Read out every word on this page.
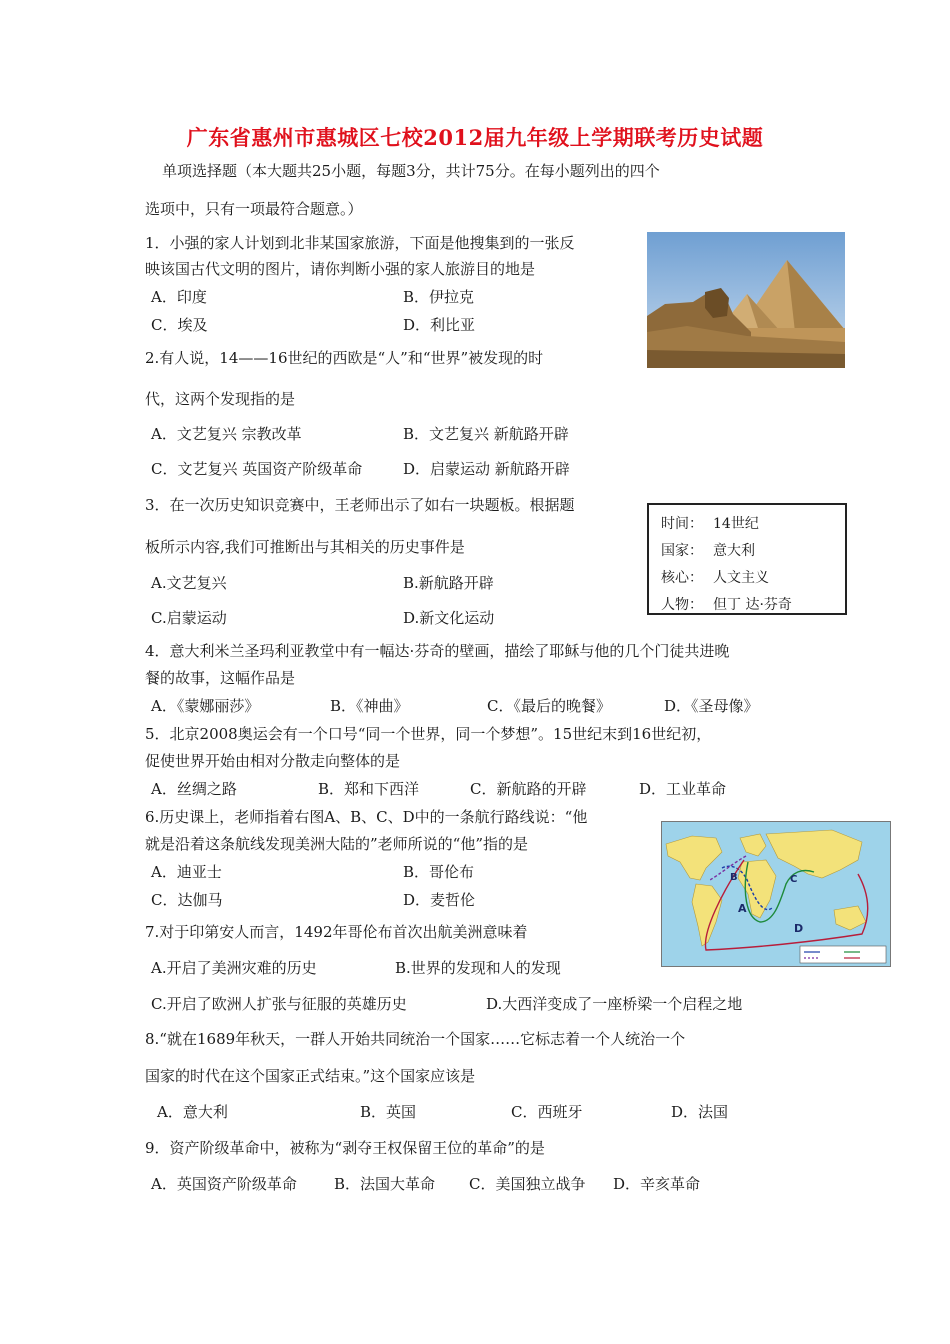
广东省惠州市惠城区七校2012届九年级上学期联考历史试题
单项选择题（本大题共25小题，每题3分，共计75分。在每小题列出的四个
选项中，只有一项最符合题意。）
1．小强的家人计划到北非某国家旅游，下面是他搜集到的一张反
映该国古代文明的图片，请你判断小强的家人旅游目的地是
A．印度	B．伊拉克
C．埃及	D．利比亚
2.有人说，14——16世纪的西欧是“人”和“世界”被发现的时
代，这两个发现指的是
A．文艺复兴 宗教改革	B．文艺复兴 新航路开辟
C．文艺复兴 英国资产阶级革命	D．启蒙运动 新航路开辟
3．在一次历史知识竞赛中，王老师出示了如右一块题板。根据题
板所示内容,我们可推断出与其相关的历史事件是
A.文艺复兴	B.新航路开辟
C.启蒙运动	D.新文化运动
时间： 14世纪
国家： 意大利
核心： 人文主义
人物： 但丁 达·芬奇
4．意大利米兰圣玛利亚教堂中有一幅达·芬奇的壁画，描绘了耶稣与他的几个门徒共进晚
餐的故事，这幅作品是
A．《蒙娜丽莎》	B．《神曲》	C．《最后的晚餐》	D．《圣母像》
5．北京2008奥运会有一个口号“同一个世界，同一个梦想”。15世纪末到16世纪初，
促使世界开始由相对分散走向整体的是
A．丝绸之路	B．郑和下西洋	C．新航路的开辟	D．工业革命
6.历史课上，老师指着右图A、B、C、D中的一条航行路线说：“他
就是沿着这条航线发现美洲大陆的”老师所说的“他”指的是
A．迪亚士	B．哥伦布
C．达伽马	D．麦哲伦	A
B	C
D
7.对于印第安人而言，1492年哥伦布首次出航美洲意味着
A.开启了美洲灾难的历史	B.世界的发现和人的发现
C.开启了欧洲人扩张与征服的英雄历史	D.大西洋变成了一座桥梁一个启程之地
8.“就在1689年秋天，一群人开始共同统治一个国家……它标志着一个人统治一个
国家的时代在这个国家正式结束。”这个国家应该是
A．意大利	B．英国	C．西班牙	D．法国
9．资产阶级革命中，被称为“剥夺王权保留王位的革命”的是
A．英国资产阶级革命 B．法国大革命 C．美国独立战争 D．辛亥革命
